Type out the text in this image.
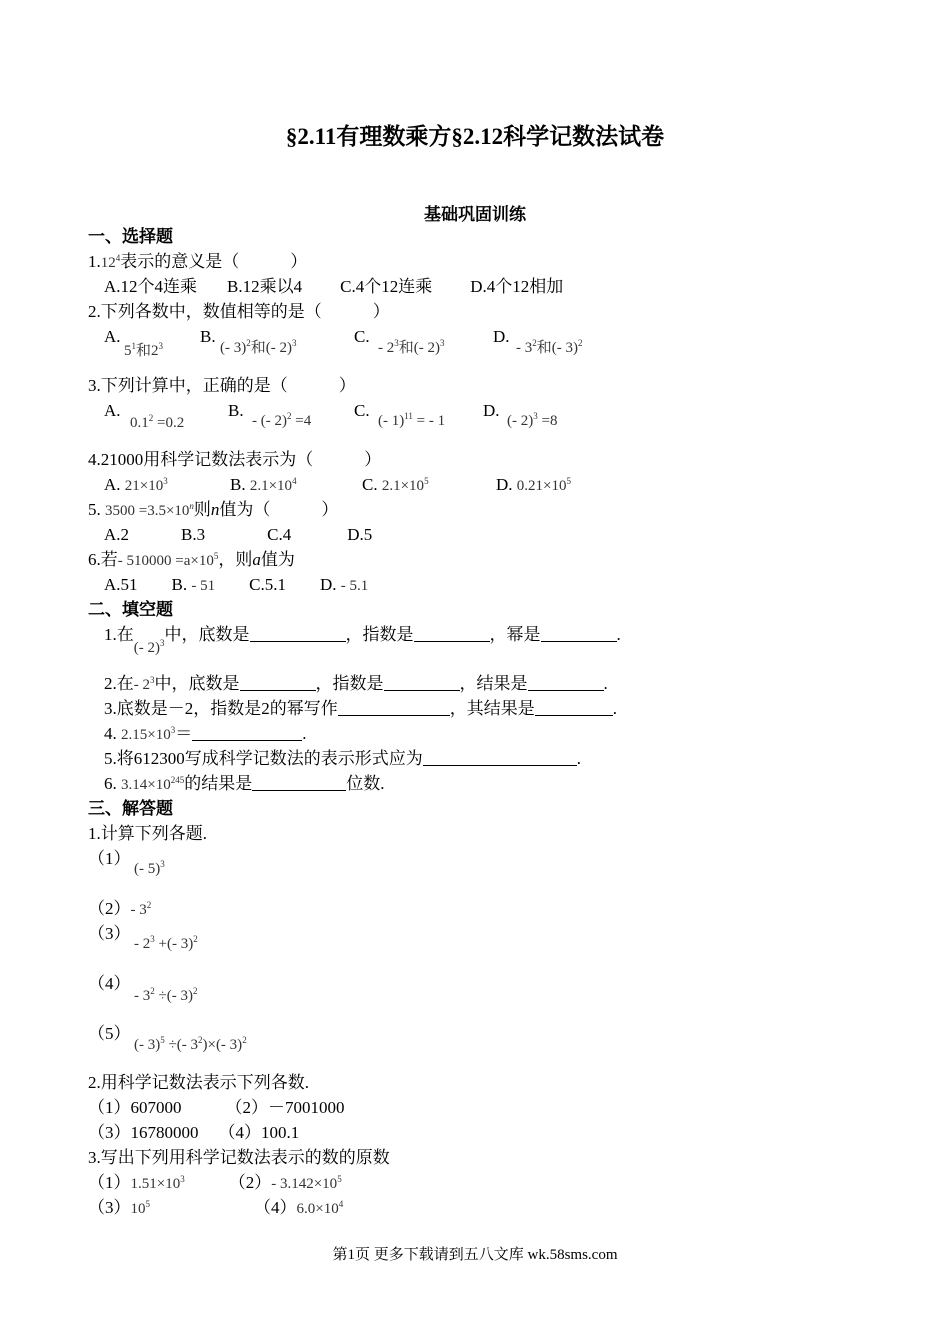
§2.11有理数乘方§2.12科学记数法试卷
基础巩固训练
一、选择题
1.12$^4$表示的意义是（　　　）
A.12个4连乘 B.12乘以4 C.4个12连乘 D.4个12相加
2.下列各数中，数值相等的是（　　　）
A.
$5^1$和$2^3$ B.
(- 3)$^2$和(- 2)$^3$	C.
- $2^3$和(- 2)$^3$	D.
- $3^2$和(- 3)$^2$
3.下列计算中，正确的是（　　　）
A.
$0.1^2 =0.2$
B.
- (- 2)$^2$ =4
C.
(- 1)$^{11}$ = - 1
D.
(- 2)$^3$ =8
4.21000用科学记数法表示为（　　　）
A. $21\times 10^3$	B. $2.1\times 10^4$	C. $2.1\times 10^5$	D. $0.21\times 10^5$
5. $3500 =3.5\times 10^n$则n值为（　　　）
A.2	B.3	C.4	D.5
6.若- $510000 =a\times 10^5$，则a值为
A.51 B. - 51 C.5.1 D. - 5.1
二、填空题
1.在(- 2)$^3$中，底数是	，指数是	，幂是	.
2.在- $2^3$中，底数是	，指数是	，结果是	.
3.底数是－2，指数是2的幂写作	，其结果是	.
4. $2.15\times 10^3=$	.
5.将612300写成科学记数法的表示形式应为	.
6. $3.14\times 10^{245}$的结果是	位数.
三、解答题
1.计算下列各题.
（1）
(- 5)$^3$
（2）- $3^2$
（3）
- $2^3$ +(- 3)$^2$
（4）
- $3^2$ ÷(- 3)$^2$
（5）
(- 3)$^5$ ÷(- $3^2)\times(-$ 3)$^2$
2.用科学记数法表示下列各数.
（1）607000	（2）－7001000
（3）16780000 （4）100.1
3.写出下列用科学记数法表示的数的原数
$(1)1.51\times 10^3$	（2）- $3.142\times 10^5$
$(3)10^5$	$(4)6.0\times 10^4$
第1页 更多下载请到五八文库 wk.58sms.com
